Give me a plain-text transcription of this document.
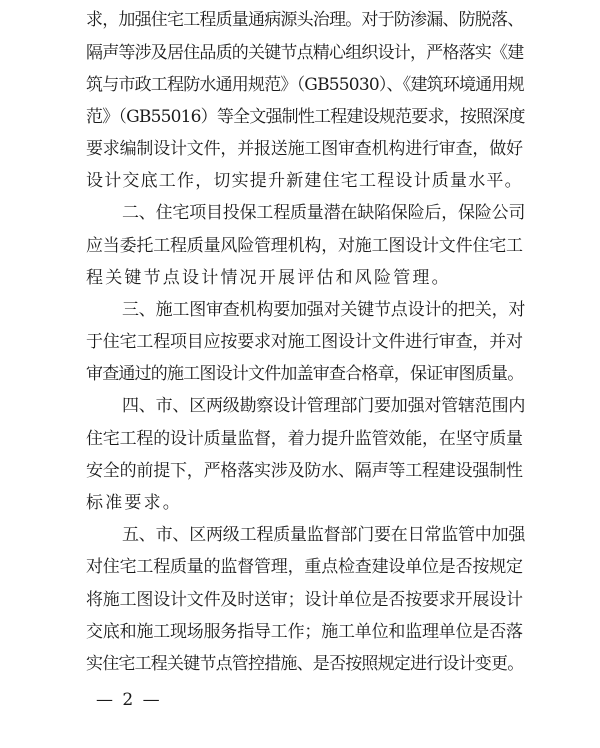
求，加强住宅工程质量通病源头治理。对于防渗漏、防脱落、
隔声等涉及居住品质的关键节点精心组织设计，严格落实《建
筑与市政工程防水通用规范》（GB55030）、《建筑环境通用规
范》（GB55016）等全文强制性工程建设规范要求，按照深度
要求编制设计文件，并报送施工图审查机构进行审查，做好
设计交底工作，切实提升新建住宅工程设计质量水平。
二、住宅项目投保工程质量潜在缺陷保险后，保险公司
应当委托工程质量风险管理机构，对施工图设计文件住宅工
程关键节点设计情况开展评估和风险管理。
三、施工图审查机构要加强对关键节点设计的把关，对
于住宅工程项目应按要求对施工图设计文件进行审查，并对
审查通过的施工图设计文件加盖审查合格章，保证审图质量。
四、市、区两级勘察设计管理部门要加强对管辖范围内
住宅工程的设计质量监督，着力提升监管效能，在坚守质量
安全的前提下，严格落实涉及防水、隔声等工程建设强制性
标准要求。
五、市、区两级工程质量监督部门要在日常监管中加强
对住宅工程质量的监督管理，重点检查建设单位是否按规定
将施工图设计文件及时送审；设计单位是否按要求开展设计
交底和施工现场服务指导工作；施工单位和监理单位是否落
实住宅工程关键节点管控措施、是否按照规定进行设计变更。
— 2 —
